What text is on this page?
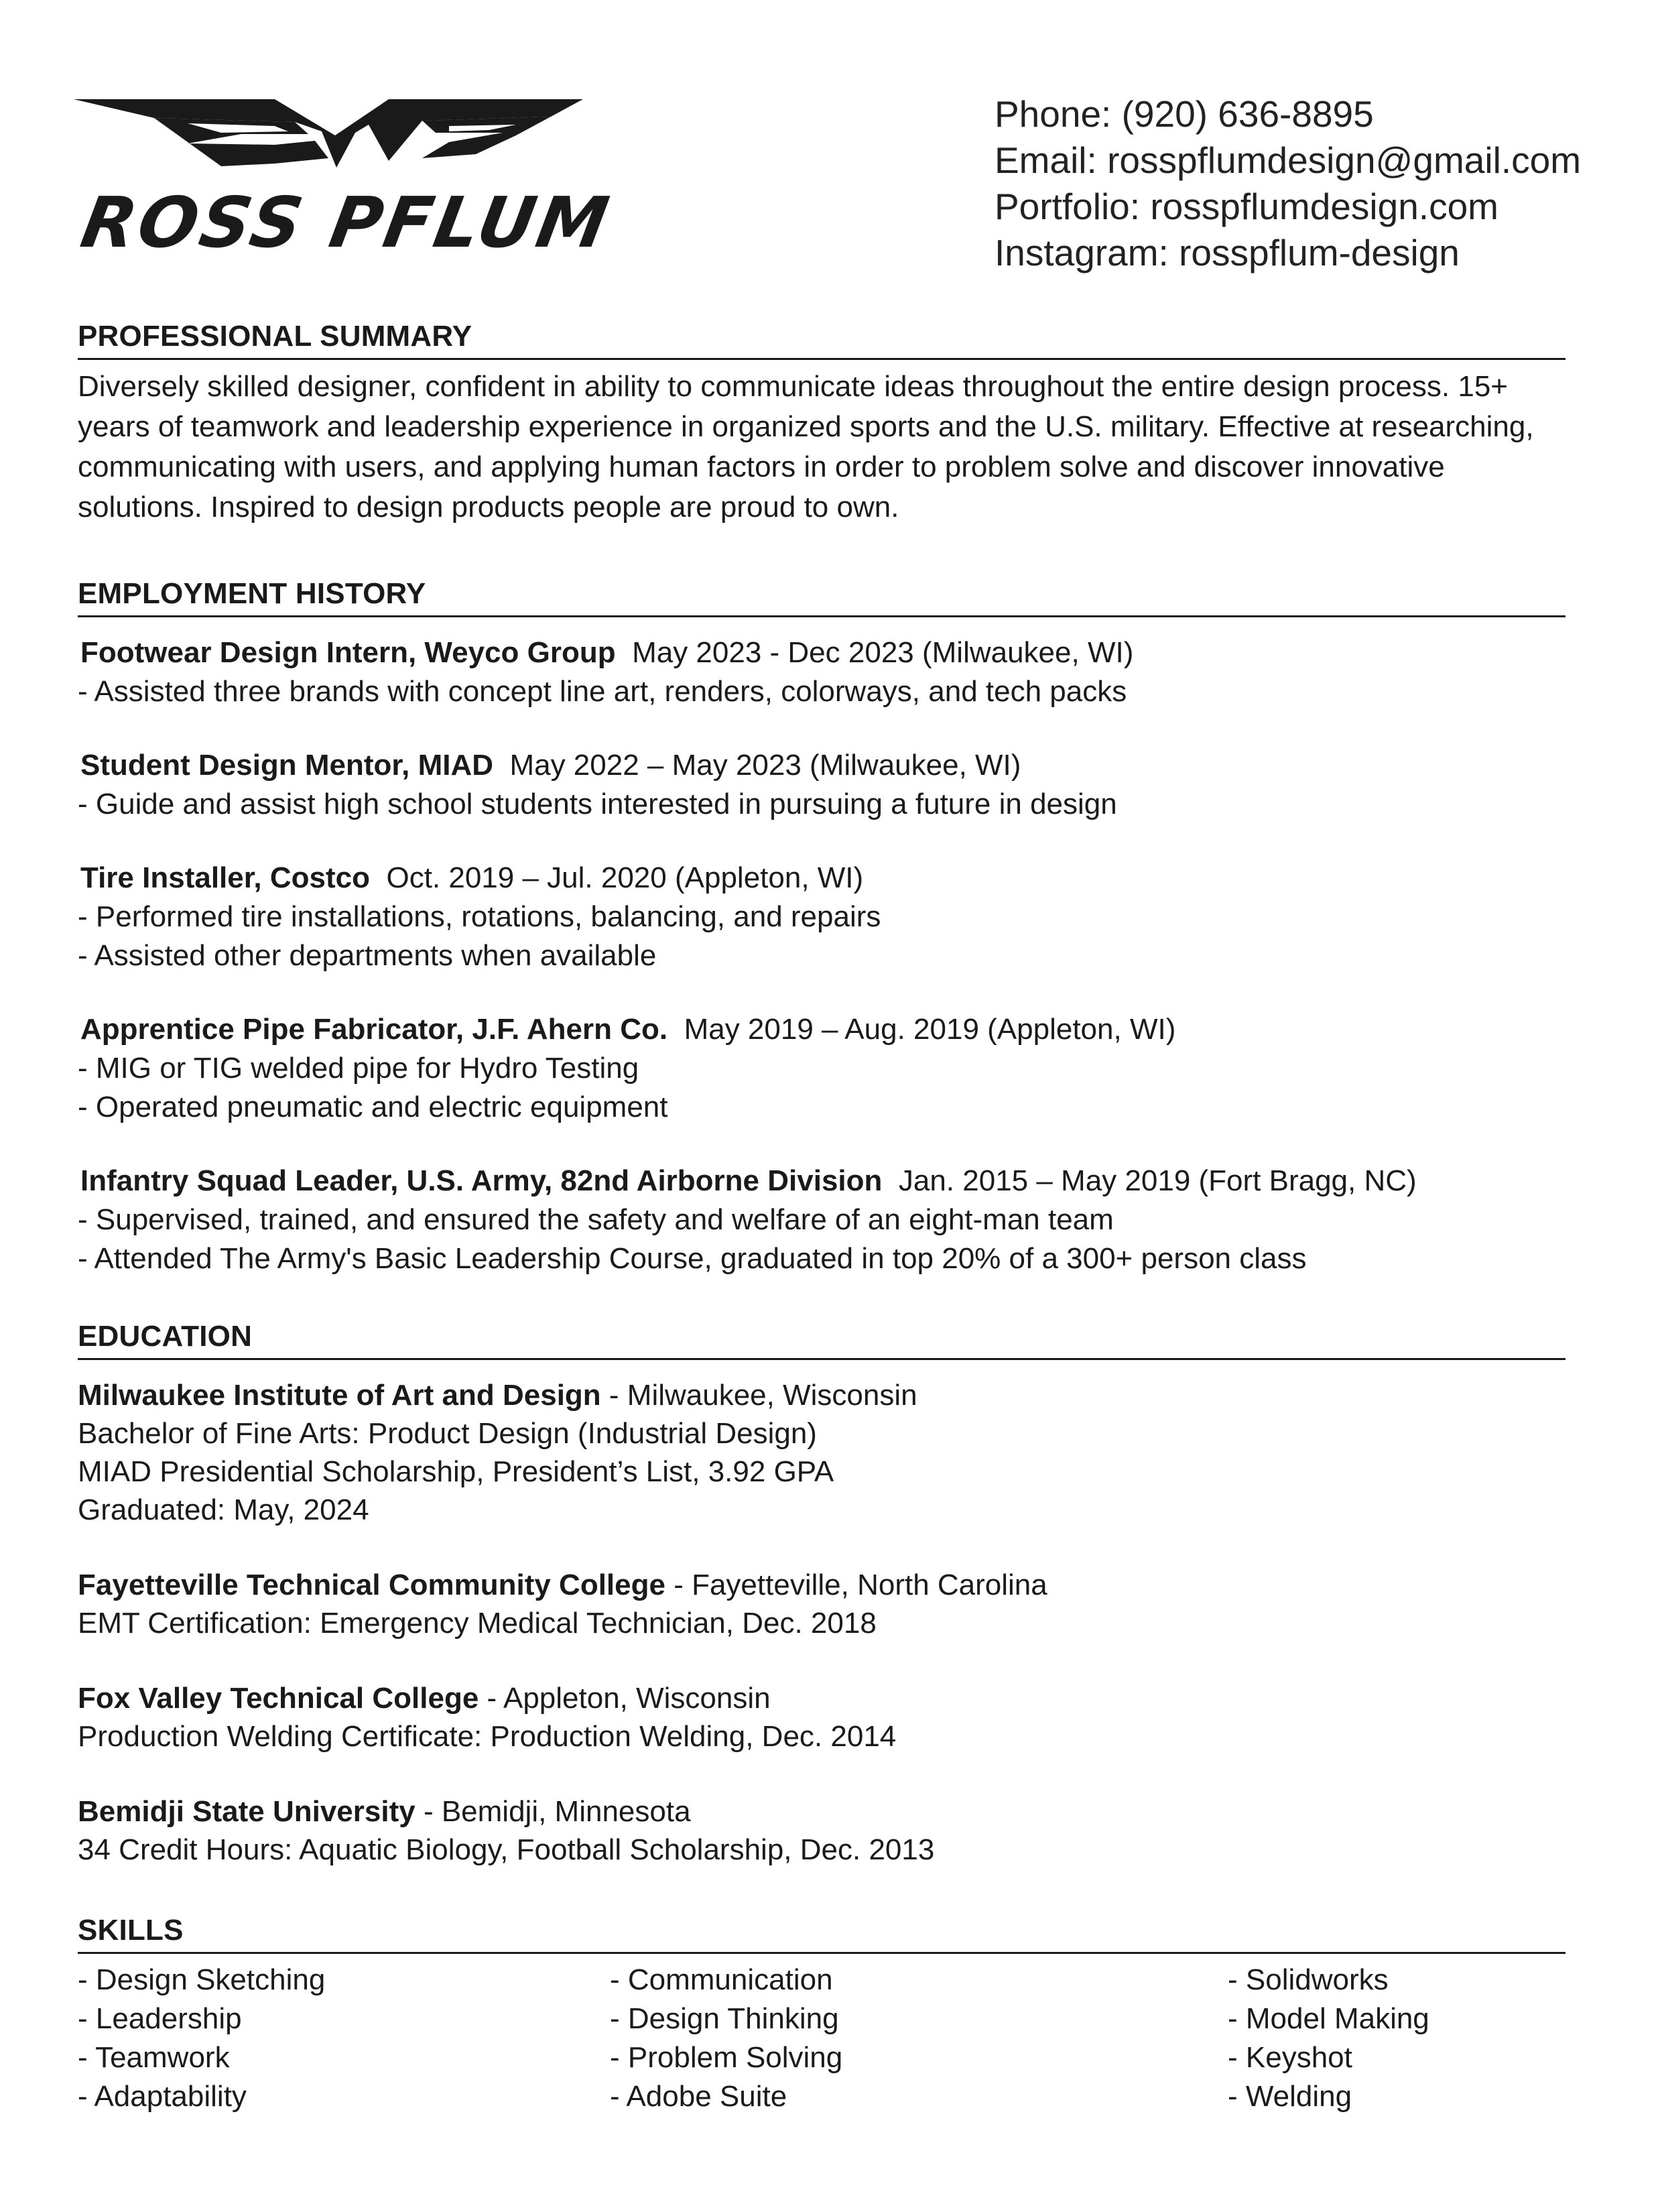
ROSS PFLUM
Phone: (920) 636-8895
Email: rosspflumdesign@gmail.com
Portfolio: rosspflumdesign.com
Instagram: rosspflum-design
PROFESSIONAL SUMMARY
Diversely skilled designer, confident in ability to communicate ideas throughout the entire design process. 15+ years of teamwork and leadership experience in organized sports and the U.S. military. Effective at researching, communicating with users, and applying human factors in order to problem solve and discover innovative solutions. Inspired to design products people are proud to own.
EMPLOYMENT HISTORY
Footwear Design Intern, Weyco Group May 2023 - Dec 2023 (Milwaukee, WI)
- Assisted three brands with concept line art, renders, colorways, and tech packs
Student Design Mentor, MIAD May 2022 – May 2023 (Milwaukee, WI)
- Guide and assist high school students interested in pursuing a future in design
Tire Installer, Costco Oct. 2019 – Jul. 2020 (Appleton, WI)
- Performed tire installations, rotations, balancing, and repairs
- Assisted other departments when available
Apprentice Pipe Fabricator, J.F. Ahern Co. May 2019 – Aug. 2019 (Appleton, WI)
- MIG or TIG welded pipe for Hydro Testing
- Operated pneumatic and electric equipment
Infantry Squad Leader, U.S. Army, 82nd Airborne Division Jan. 2015 – May 2019 (Fort Bragg, NC)
- Supervised, trained, and ensured the safety and welfare of an eight-man team
- Attended The Army's Basic Leadership Course, graduated in top 20% of a 300+ person class
EDUCATION
Milwaukee Institute of Art and Design - Milwaukee, Wisconsin
Bachelor of Fine Arts: Product Design (Industrial Design)
MIAD Presidential Scholarship, President’s List, 3.92 GPA
Graduated: May, 2024
Fayetteville Technical Community College - Fayetteville, North Carolina
EMT Certification: Emergency Medical Technician, Dec. 2018
Fox Valley Technical College - Appleton, Wisconsin
Production Welding Certificate: Production Welding, Dec. 2014
Bemidji State University - Bemidji, Minnesota
34 Credit Hours: Aquatic Biology, Football Scholarship, Dec. 2013
SKILLS
- Design Sketching
- Leadership
- Teamwork
- Adaptability
- Communication
- Design Thinking
- Problem Solving
- Adobe Suite
- Solidworks
- Model Making
- Keyshot
- Welding
